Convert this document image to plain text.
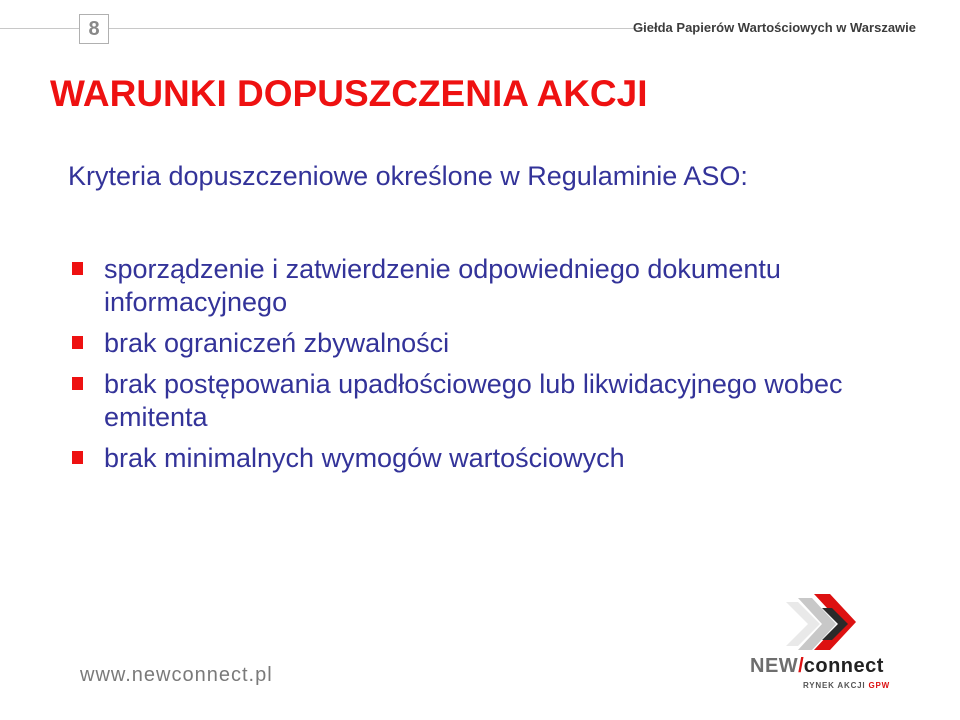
8	Giełda Papierów Wartościowych w Warszawie
WARUNKI DOPUSZCZENIA AKCJI

Kryteria dopuszczeniowe określone w Regulaminie ASO:

sporządzenie i zatwierdzenie odpowiedniego dokumentu informacyjnego
brak ograniczeń zbywalności
brak postępowania upadłościowego lub likwidacyjnego wobec emitenta
brak minimalnych wymogów wartościowych
www.newconnect.pl	NEW/connect
RYNEK AKCJI GPW
